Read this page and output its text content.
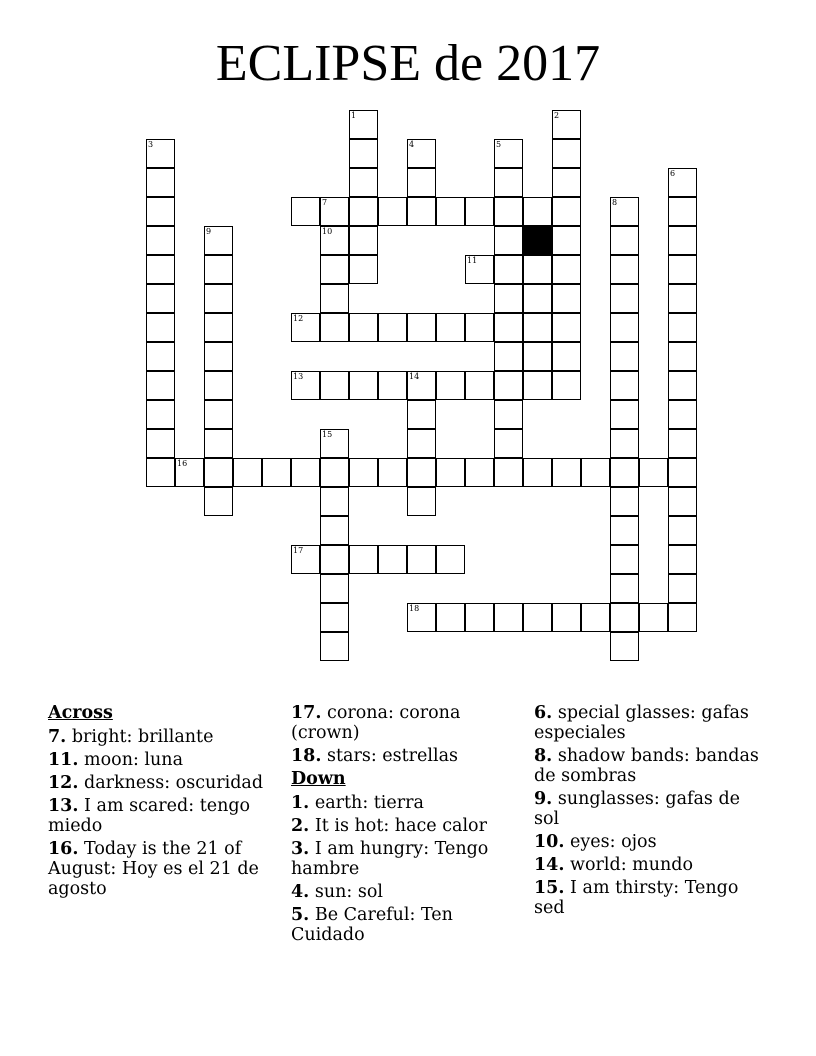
ECLIPSE de 2017
1	2
3	4	5
6
7	8
9	10
11
12
13	14
15
16
17
18
Across
7. bright: brillante
11. moon: luna
12. darkness: oscuridad
13. I am scared: tengo miedo
16. Today is the 21 of August: Hoy es el 21 de agosto
17. corona: corona (crown)
18. stars: estrellas
Down
1. earth: tierra
2. It is hot: hace calor
3. I am hungry: Tengo hambre
4. sun: sol
5. Be Careful: Ten Cuidado
6. special glasses: gafas especiales
8. shadow bands: bandas de sombras
9. sunglasses: gafas de sol
10. eyes: ojos
14. world: mundo
15. I am thirsty: Tengo sed
